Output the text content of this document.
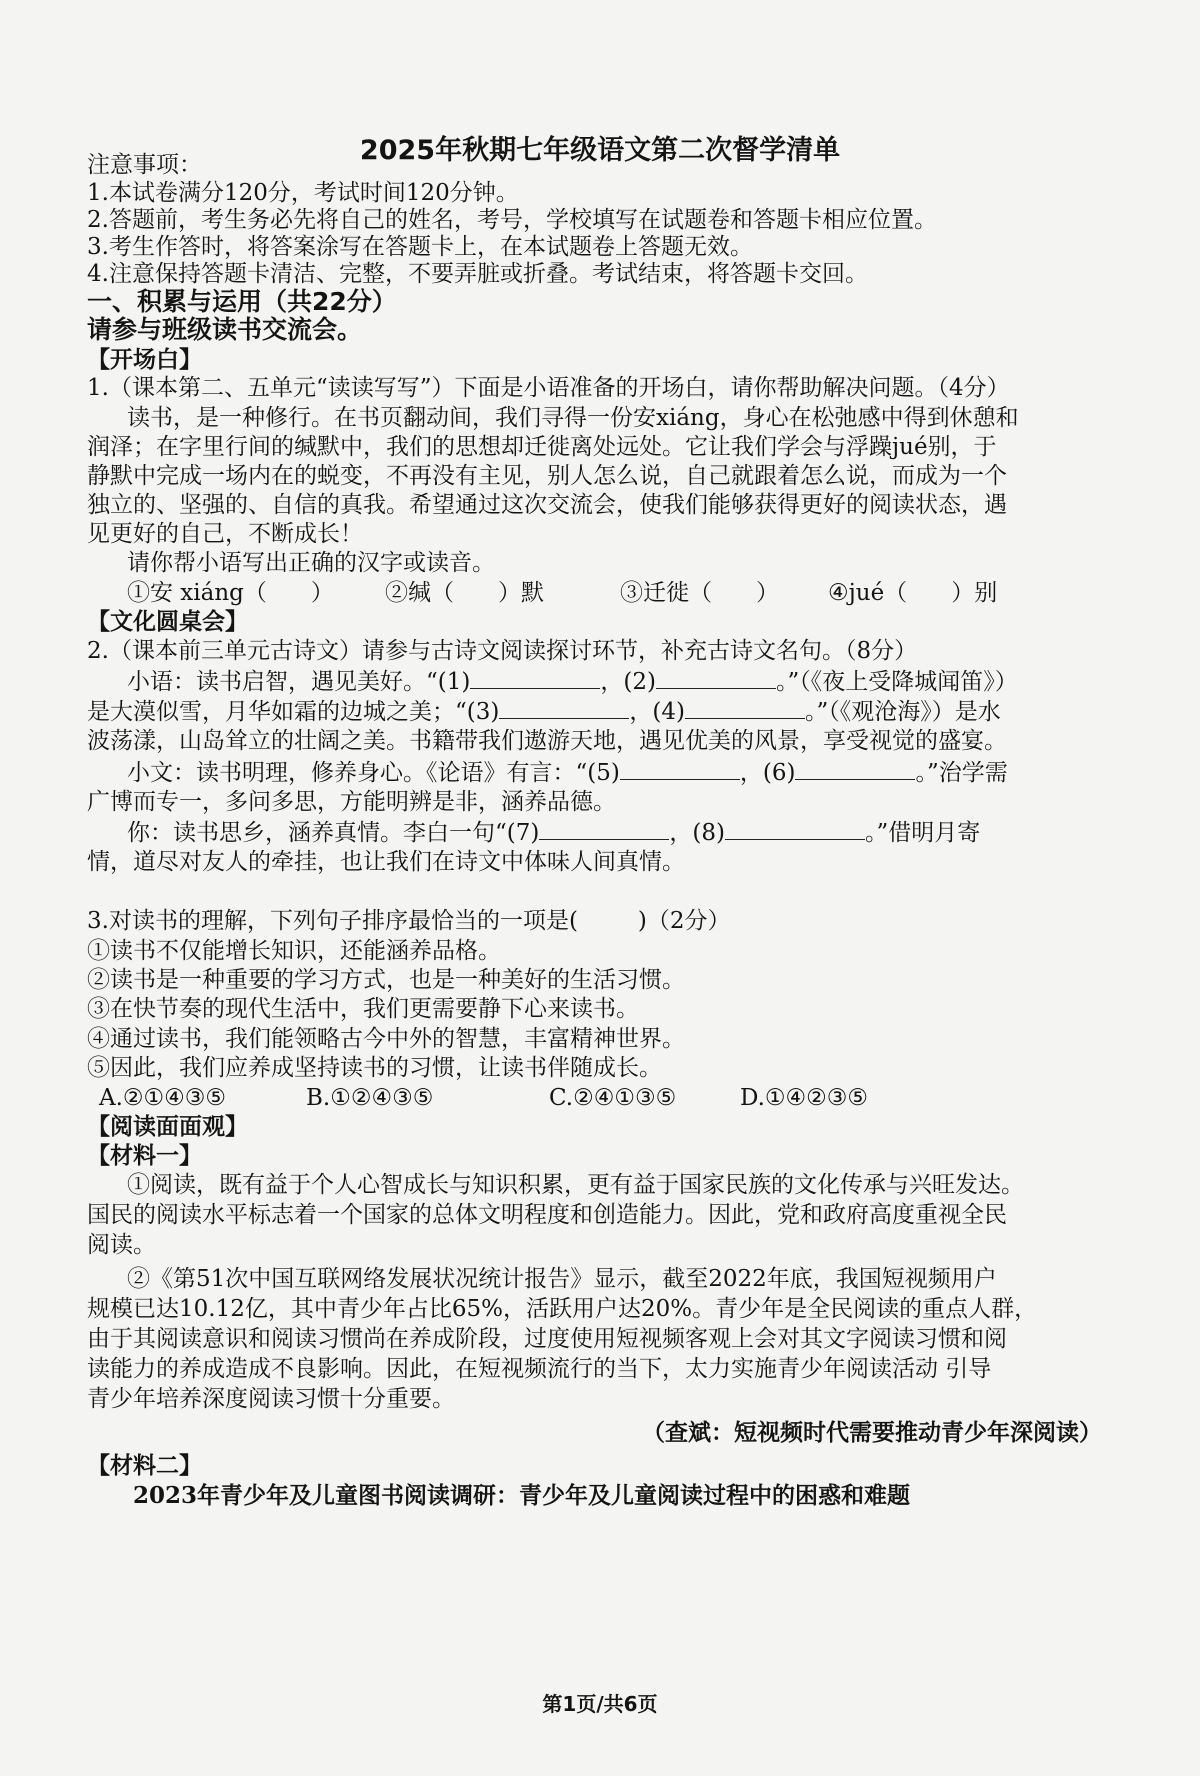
2025年秋期七年级语文第二次督学清单
注意事项：
1.本试卷满分120分，考试时间120分钟。
2.答题前，考生务必先将自己的姓名，考号，学校填写在试题卷和答题卡相应位置。
3.考生作答时，将答案涂写在答题卡上，在本试题卷上答题无效。
4.注意保持答题卡清洁、完整，不要弄脏或折叠。考试结束，将答题卡交回。
一、积累与运用（共22分）
请参与班级读书交流会。
【开场白】
1.（课本第二、五单元“读读写写”）下面是小语准备的开场白，请你帮助解决问题。（4分）
读书，是一种修行。在书页翻动间，我们寻得一份安xiáng，身心在松弛感中得到休憩和
润泽；在字里行间的缄默中，我们的思想却迁徙离处远处。它让我们学会与浮躁jué别，于
静默中完成一场内在的蜕变，不再没有主见，别人怎么说，自己就跟着怎么说，而成为一个
独立的、坚强的、自信的真我。希望通过这次交流会，使我们能够获得更好的阅读状态，遇
见更好的自己，不断成长！
请你帮小语写出正确的汉字或读音。
①安 xiáng（ ） ②缄（ ）默	③迁徙（ ） ④jué（ ）别
【文化圆桌会】
2.（课本前三单元古诗文）请参与古诗文阅读探讨环节，补充古诗文名句。（8分）
小语：读书启智，遇见美好。“(1)	，(2)	。”（《夜上受降城闻笛》）
是大漠似雪，月华如霜的边城之美；“(3)	，(4)	。”（《观沧海》）是水
波荡漾，山岛耸立的壮阔之美。书籍带我们遨游天地，遇见优美的风景，享受视觉的盛宴。
小文：读书明理，修养身心。《论语》有言：“(5)	，(6)	。”治学需
广博而专一，多问多思，方能明辨是非，涵养品德。
你：读书思乡，涵养真情。李白一句“(7)	，(8)	。”借明月寄
情，道尽对友人的牵挂，也让我们在诗文中体味人间真情。
3.对读书的理解，下列句子排序最恰当的一项是(	)（2分）
①读书不仅能增长知识，还能涵养品格。
②读书是一种重要的学习方式，也是一种美好的生活习惯。
③在快节奏的现代生活中，我们更需要静下心来读书。
④通过读书，我们能领略古今中外的智慧，丰富精神世界。
⑤因此，我们应养成坚持读书的习惯，让读书伴随成长。
A.②①④③⑤	B.①②④③⑤	C.②④①③⑤	D.①④②③⑤
【阅读面面观】
【材料一】
①阅读，既有益于个人心智成长与知识积累，更有益于国家民族的文化传承与兴旺发达。
国民的阅读水平标志着一个国家的总体文明程度和创造能力。因此，党和政府高度重视全民
阅读。
②《第51次中国互联网络发展状况统计报告》显示，截至2022年底，我国短视频用户
规模已达10.12亿，其中青少年占比65%，活跃用户达20%。青少年是全民阅读的重点人群，
由于其阅读意识和阅读习惯尚在养成阶段，过度使用短视频客观上会对其文字阅读习惯和阅
读能力的养成造成不良影响。因此，在短视频流行的当下，太力实施青少年阅读活动 引导
青少年培养深度阅读习惯十分重要。
（查斌：短视频时代需要推动青少年深阅读）
【材料二】
2023年青少年及儿童图书阅读调研：青少年及儿童阅读过程中的困惑和难题
第1页/共6页
